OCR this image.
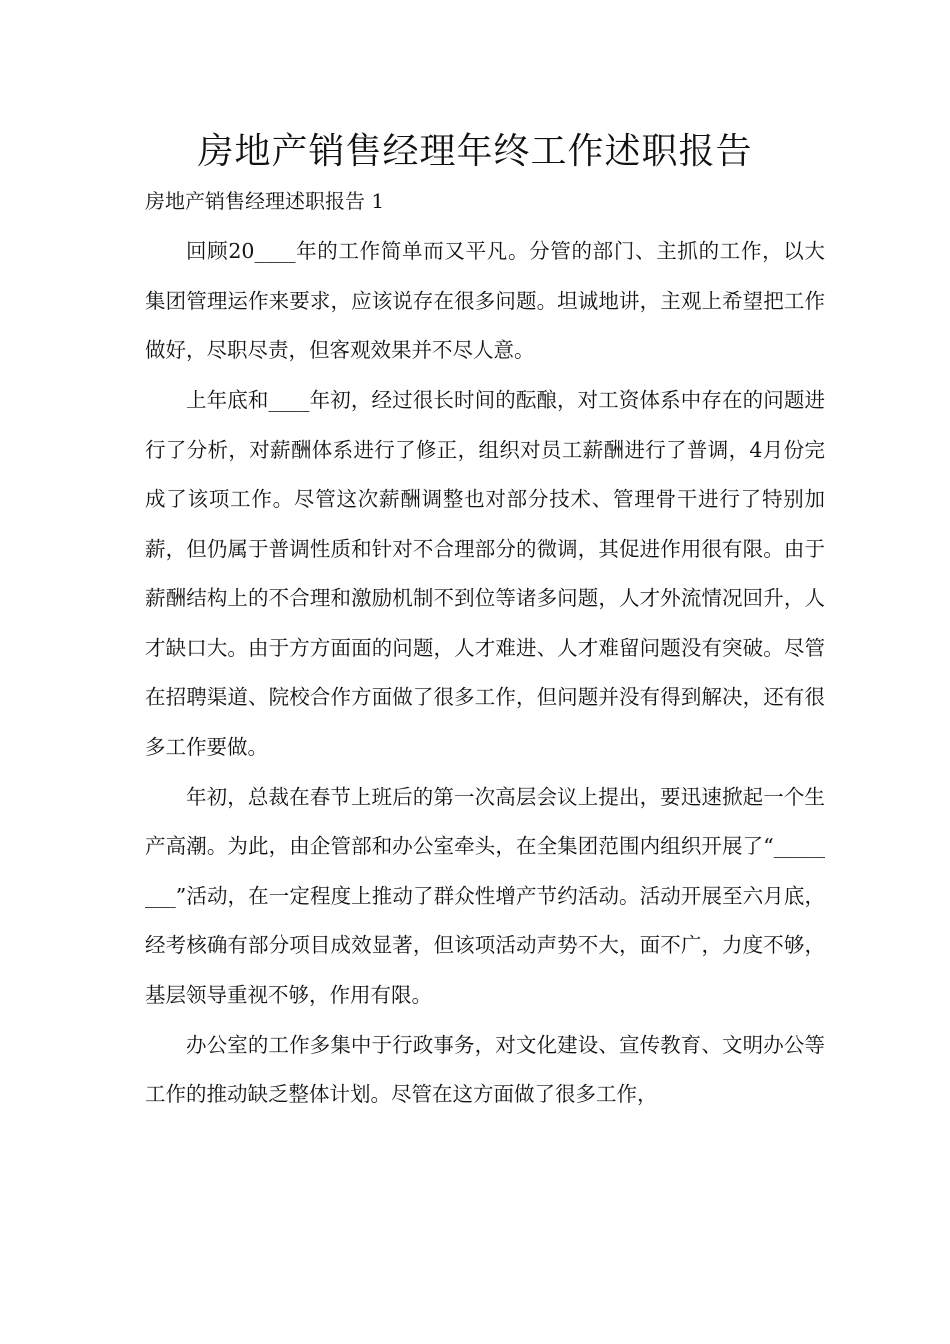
房地产销售经理年终工作述职报告

房地产销售经理述职报告 1

回顾20____年的工作简单而又平凡。分管的部门、主抓的工作，以大集团管理运作来要求，应该说存在很多问题。坦诚地讲，主观上希望把工作做好，尽职尽责，但客观效果并不尽人意。

上年底和____年初，经过很长时间的酝酿，对工资体系中存在的问题进行了分析，对薪酬体系进行了修正，组织对员工薪酬进行了普调，4月份完成了该项工作。尽管这次薪酬调整也对部分技术、管理骨干进行了特别加薪，但仍属于普调性质和针对不合理部分的微调，其促进作用很有限。由于薪酬结构上的不合理和激励机制不到位等诸多问题，人才外流情况回升，人才缺口大。由于方方面面的问题，人才难进、人才难留问题没有突破。尽管在招聘渠道、院校合作方面做了很多工作，但问题并没有得到解决，还有很多工作要做。

年初，总裁在春节上班后的第一次高层会议上提出，要迅速掀起一个生产高潮。为此，由企管部和办公室牵头，在全集团范围内组织开展了“________”活动，在一定程度上推动了群众性增产节约活动。活动开展至六月底，经考核确有部分项目成效显著，但该项活动声势不大，面不广，力度不够，基层领导重视不够，作用有限。

办公室的工作多集中于行政事务，对文化建设、宣传教育、文明办公等工作的推动缺乏整体计划。尽管在这方面做了很多工作，
